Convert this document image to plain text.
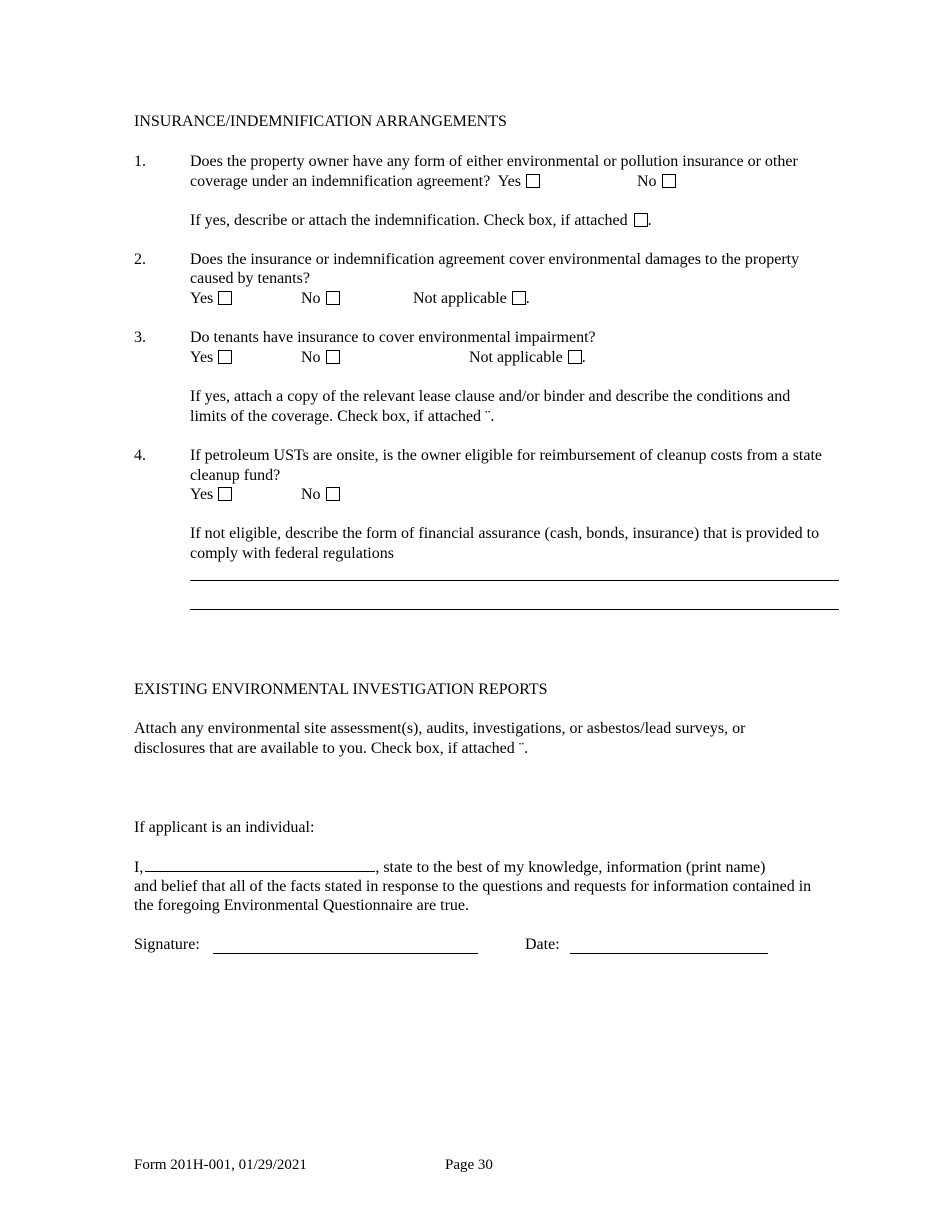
INSURANCE/INDEMNIFICATION ARRANGEMENTS
1.	Does the property owner have any form of either environmental or pollution insurance or other
coverage under an indemnification agreement? Yes	No
If yes, describe or attach the indemnification. Check box, if attached .
2.	Does the insurance or indemnification agreement cover environmental damages to the property
caused by tenants?
Yes	No	Not applicable .
3.	Do tenants have insurance to cover environmental impairment?
Yes	No	Not applicable .
If yes, attach a copy of the relevant lease clause and/or binder and describe the conditions and
limits of the coverage. Check box, if attached ¨.
4.	If petroleum USTs are onsite, is the owner eligible for reimbursement of cleanup costs from a state
cleanup fund?
Yes	No
If not eligible, describe the form of financial assurance (cash, bonds, insurance) that is provided to
comply with federal regulations
EXISTING ENVIRONMENTAL INVESTIGATION REPORTS
Attach any environmental site assessment(s), audits, investigations, or asbestos/lead surveys, or
disclosures that are available to you. Check box, if attached ¨.
If applicant is an individual:
I,	, state to the best of my knowledge, information (print name)
and belief that all of the facts stated in response to the questions and requests for information contained in
the foregoing Environmental Questionnaire are true.
Signature:	Date:
Form 201H-001, 01/29/2021	Page 30
